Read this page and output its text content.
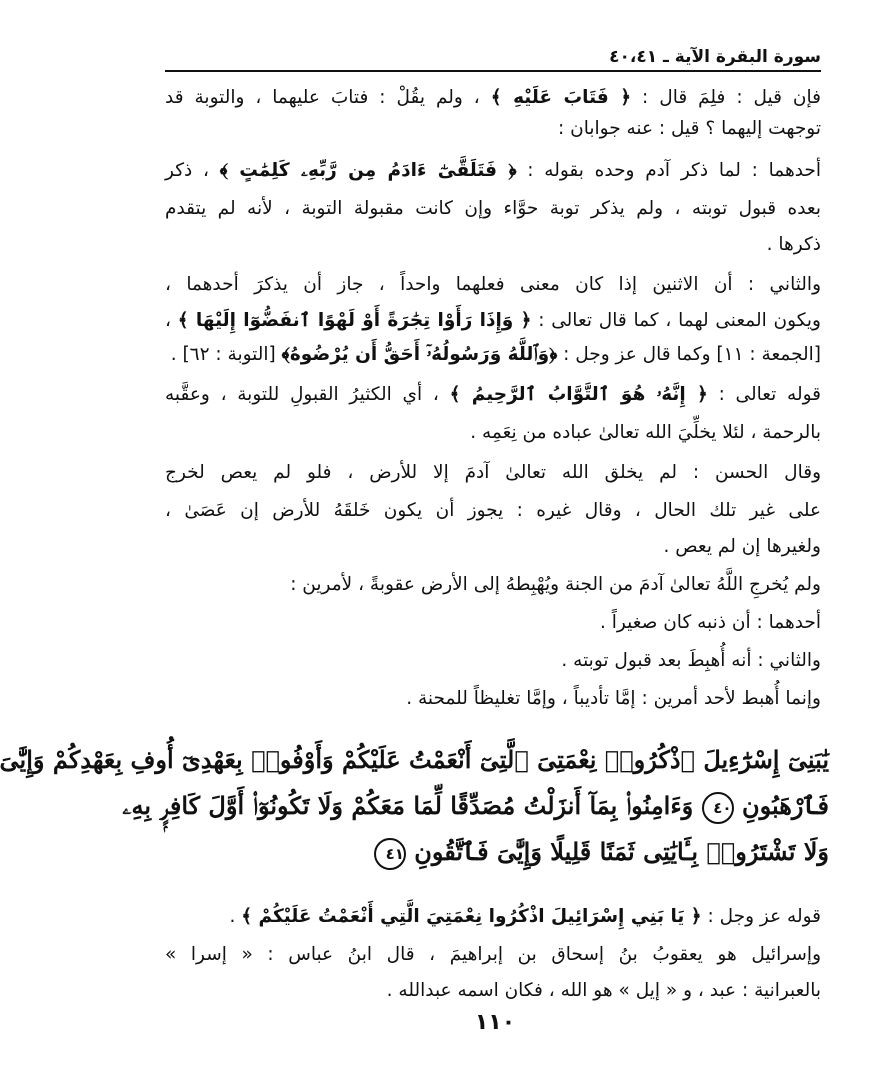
سورة البقرة الآية ـ ٤٠،٤١
فإن قيل : فلِمَ قال : ﴿ فَتَابَ عَلَيْهِ ﴾ ، ولم يقُلْ : فتابَ عليهما ، والتوبة قد
توجهت إليهما ؟ قيل : عنه جوابان :
أحدهما : لما ذكر آدم وحده بقوله : ﴿ فَتَلَقَّىٰٓ ءَادَمُ مِن رَّبِّهِۦ كَلِمَٰتٍ ﴾ ، ذكر
بعده قبول توبته ، ولم يذكر توبة حوَّاء وإن كانت مقبولة التوبة ، لأنه لم يتقدم
ذكرها .
والثاني : أن الاثنين إذا كان معنى فعلهما واحداً ، جاز أن يذكرَ أحدهما ،
ويكون المعنى لهما ، كما قال تعالى : ﴿ وَإِذَا رَأَوْا تِجَٰرَةً أَوْ لَهْوًا ٱنفَضُّوٓا إِلَيْهَا ﴾ ،
[الجمعة : ١١] وكما قال عز وجل : ﴿وَٱللَّهُ وَرَسُولُهُۥٓ أَحَقُّ أَن يُرْضُوهُ﴾ [التوبة : ٦٢] .
قوله تعالى : ﴿ إِنَّهُۥ هُوَ ٱلتَّوَّابُ ٱلرَّحِيمُ ﴾ ، أي الكثيرُ القبولِ للتوبة ، وعقَّبه
بالرحمة ، لئلا يخلِّيَ الله تعالىٰ عباده من نِعَمِه .
وقال الحسن : لم يخلق الله تعالىٰ آدمَ إلا للأرض ، فلو لم يعص لخرج
على غير تلك الحال ، وقال غيره : يجوز أن يكون خَلقَهُ للأرض إن عَصَىٰ ،
ولغيرها إن لم يعص .
ولم يُخرجِ اللَّهُ تعالىٰ آدمَ من الجنة ويُهْبِطهُ إلى الأرض عقوبةً ، لأمرين :
أحدهما : أن ذنبه كان صغيراً .
والثاني : أنه أُهبِطَ بعد قبول توبته .
وإنما أُهبط لأحد أمرين : إمَّا تأديباً ، وإمَّا تغليظاً للمحنة .
يَٰبَنِىٓ إِسْرَٰٓءِيلَ ٱذْكُرُوا۟ نِعْمَتِىَ ٱلَّتِىٓ أَنْعَمْتُ عَلَيْكُمْ وَأَوْفُوا۟ بِعَهْدِىٓ أُوفِ بِعَهْدِكُمْ وَإِيَّٰىَ
فَٱرْهَبُونِ ٤٠ وَءَامِنُوا۟ بِمَآ أَنزَلْتُ مُصَدِّقًا لِّمَا مَعَكُمْ وَلَا تَكُونُوٓا۟ أَوَّلَ كَافِرٍۭ بِهِۦ
وَلَا تَشْتَرُوا۟ بِـَٔايَٰتِى ثَمَنًا قَلِيلًا وَإِيَّٰىَ فَٱتَّقُونِ ٤١
قوله عز وجل : ﴿ يَا بَنِي إِسْرَائِيلَ اذْكُرُوا نِعْمَتِيَ الَّتِي أَنْعَمْتُ عَلَيْكُمْ ﴾ .
وإسرائيل هو يعقوبُ بنُ إسحاق بن إبراهيمَ ، قال ابنُ عباس : « إسرا »
بالعبرانية : عبد ، و « إيل » هو الله ، فكان اسمه عبدالله .
١١٠
